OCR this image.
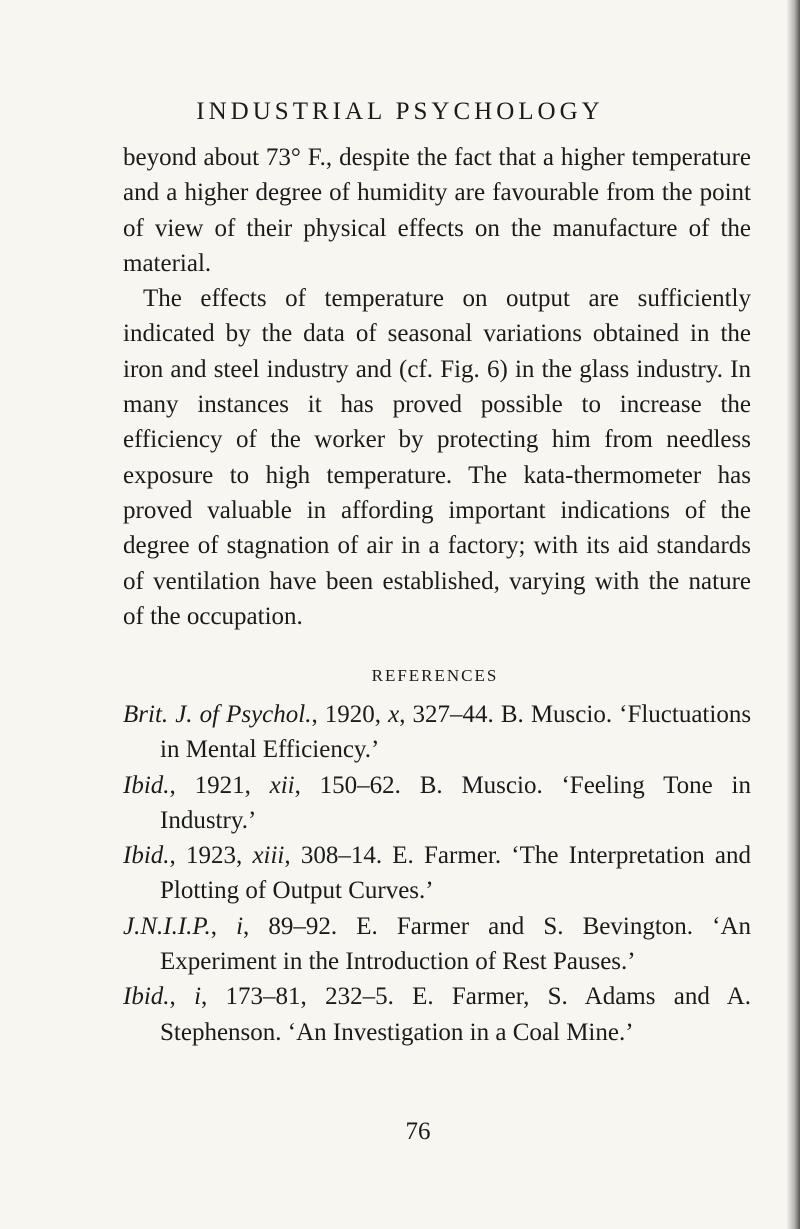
INDUSTRIAL PSYCHOLOGY

beyond about 73° F., despite the fact that a higher temperature and a higher degree of humidity are favourable from the point of view of their physical effects on the manufacture of the material.

The effects of temperature on output are sufficiently indicated by the data of seasonal variations obtained in the iron and steel industry and (cf. Fig. 6) in the glass industry. In many instances it has proved possible to increase the efficiency of the worker by protecting him from needless exposure to high temperature. The kata-thermometer has proved valuable in affording important indications of the degree of stagnation of air in a factory; with its aid standards of ventilation have been established, varying with the nature of the occupation.

REFERENCES

Brit. J. of Psychol., 1920, x, 327–44. B. Muscio. ‘Fluctuations in Mental Efficiency.’

Ibid., 1921, xii, 150–62. B. Muscio. ‘Feeling Tone in Industry.’

Ibid., 1923, xiii, 308–14. E. Farmer. ‘The Interpretation and Plotting of Output Curves.’

J.N.I.I.P., i, 89–92. E. Farmer and S. Bevington. ‘An Experiment in the Introduction of Rest Pauses.’

Ibid., i, 173–81, 232–5. E. Farmer, S. Adams and A. Stephenson. ‘An Investigation in a Coal Mine.’

76
